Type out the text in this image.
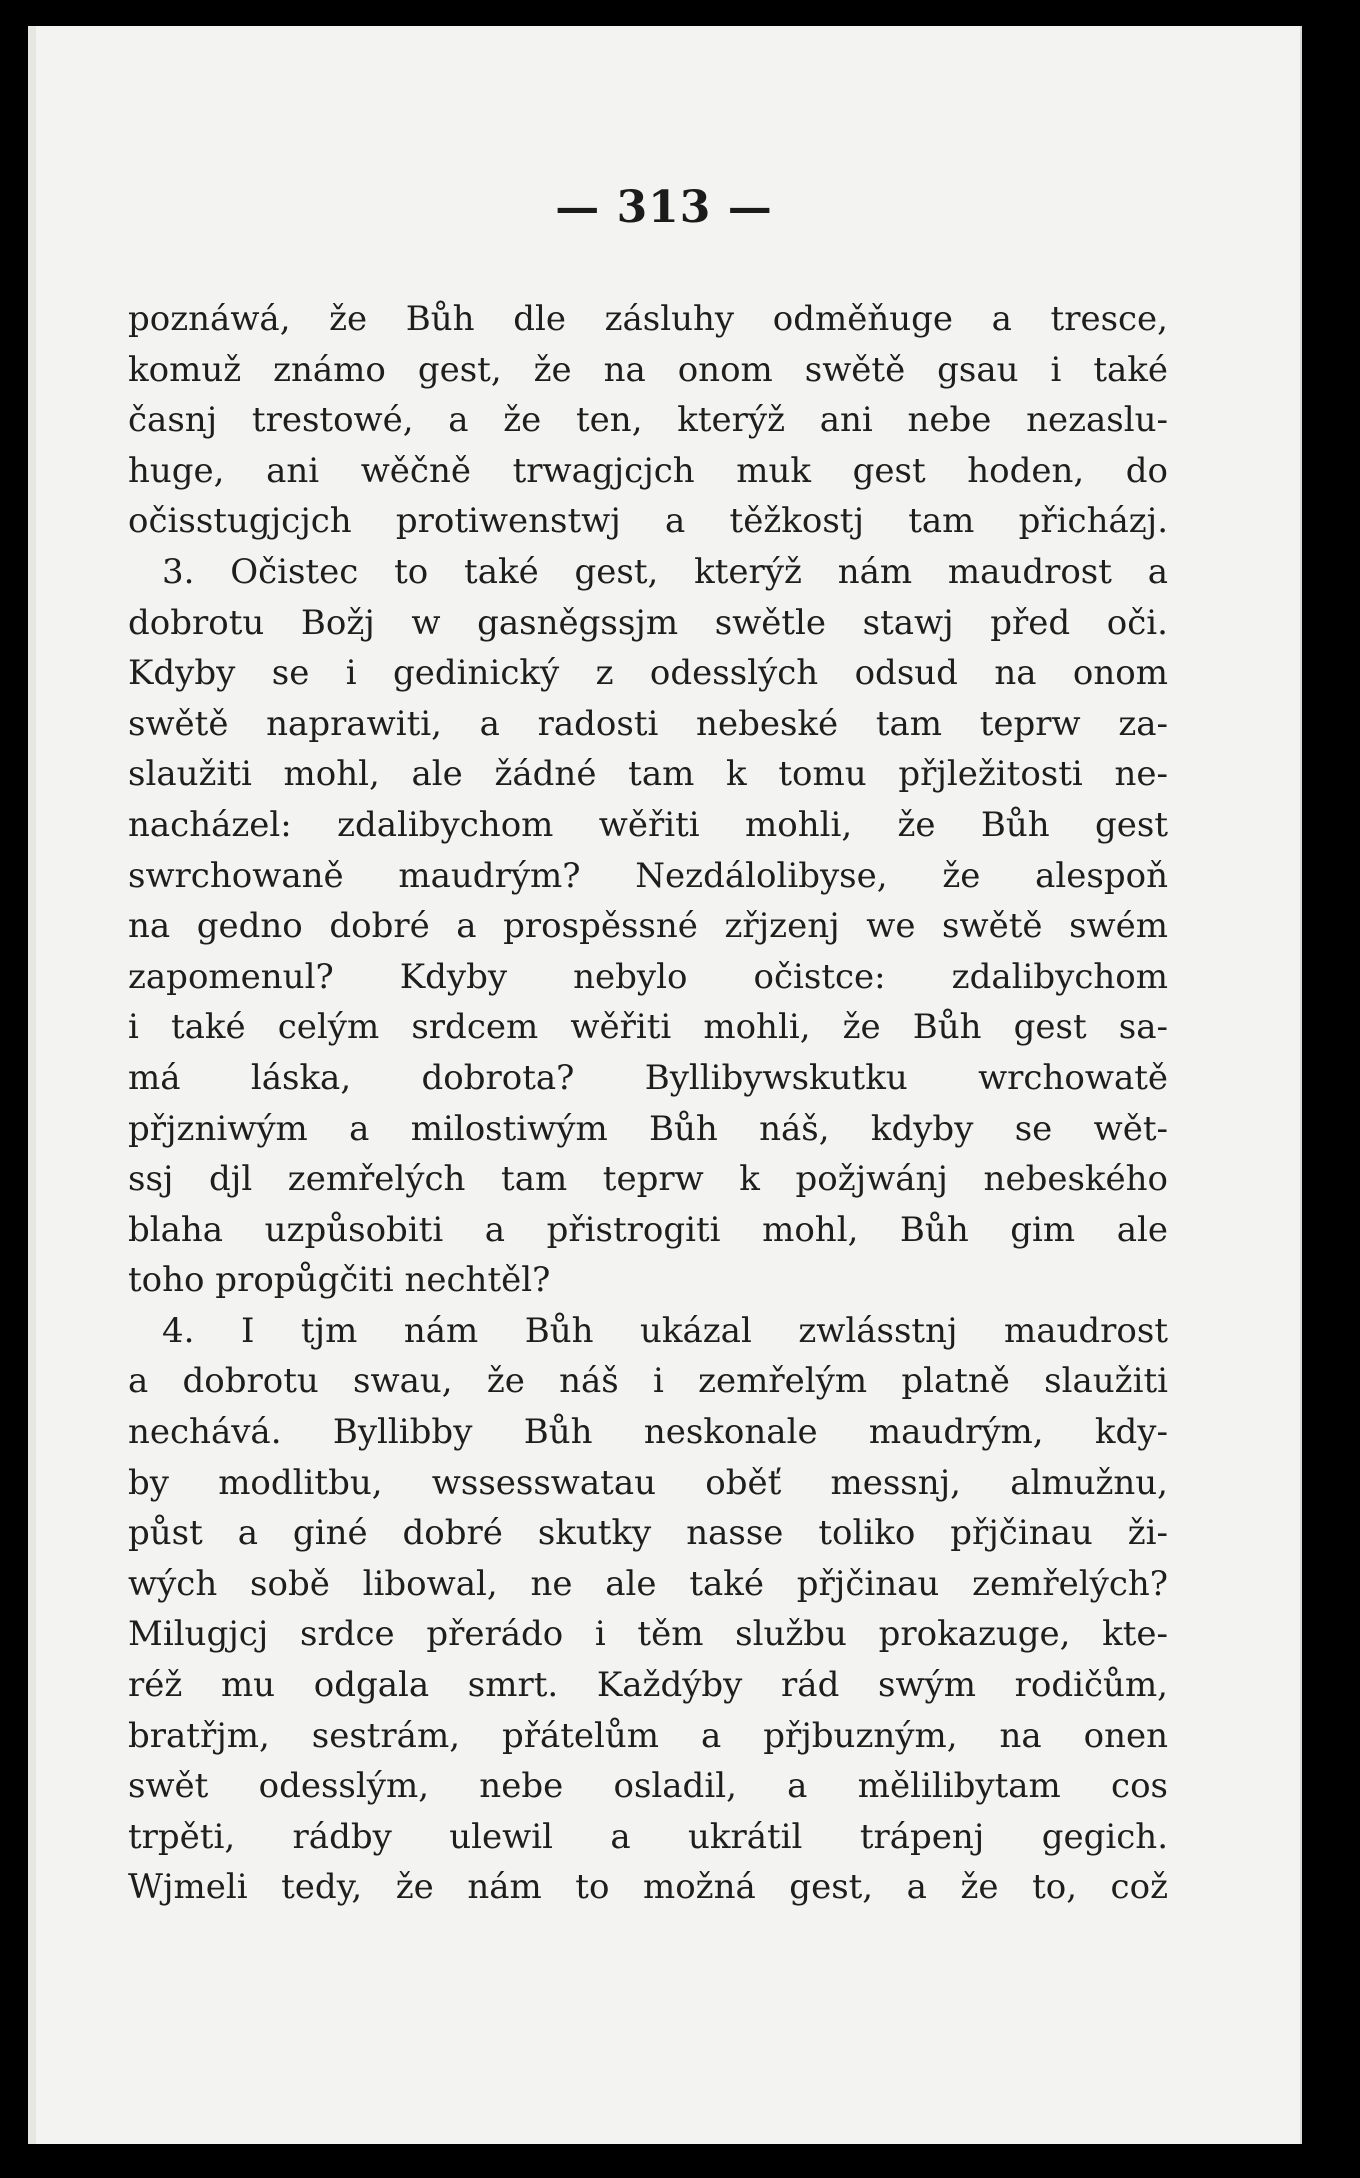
— 313 —
poznáwá, že Bůh dle zásluhy odměňuge a tresce,
komuž známo gest, že na onom swětě gsau i také
časnj trestowé, a že ten, kterýž ani nebe nezaslu-
huge, ani wěčně trwagjcjch muk gest hoden, do
očisstugjcjch protiwenstwj a těžkostj tam přicházj.
3. Očistec to také gest, kterýž nám maudrost a
dobrotu Božj w gasněgssjm swětle stawj před oči.
Kdyby se i gedinický z odesslých odsud na onom
swětě naprawiti, a radosti nebeské tam teprw za-
slaužiti mohl, ale žádné tam k tomu přjležitosti ne-
nacházel: zdalibychom wěřiti mohli, že Bůh gest
swrchowaně maudrým? Nezdálolibyse, že alespoň
na gedno dobré a prospěssné zřjzenj we swětě swém
zapomenul? Kdyby nebylo očistce: zdalibychom
i také celým srdcem wěřiti mohli, že Bůh gest sa-
má láska, dobrota? Byllibywskutku wrchowatě
přjzniwým a milostiwým Bůh náš, kdyby se wět-
ssj djl zemřelých tam teprw k požjwánj nebeského
blaha uzpůsobiti a přistrogiti mohl, Bůh gim ale
toho propůgčiti nechtěl?
4. I tjm nám Bůh ukázal zwlásstnj maudrost
a dobrotu swau, že náš i zemřelým platně slaužiti
nechává. Byllibby Bůh neskonale maudrým, kdy-
by modlitbu, wssesswatau oběť messnj, almužnu,
půst a giné dobré skutky nasse toliko přjčinau ži-
wých sobě libowal, ne ale také přjčinau zemřelých?
Milugjcj srdce přerádo i těm službu prokazuge, kte-
réž mu odgala smrt. Každýby rád swým rodičům,
bratřjm, sestrám, přátelům a přjbuzným, na onen
swět odesslým, nebe osladil, a mělilibytam cos
trpěti, rádby ulewil a ukrátil trápenj gegich.
Wjmeli tedy, že nám to možná gest, a že to, což
